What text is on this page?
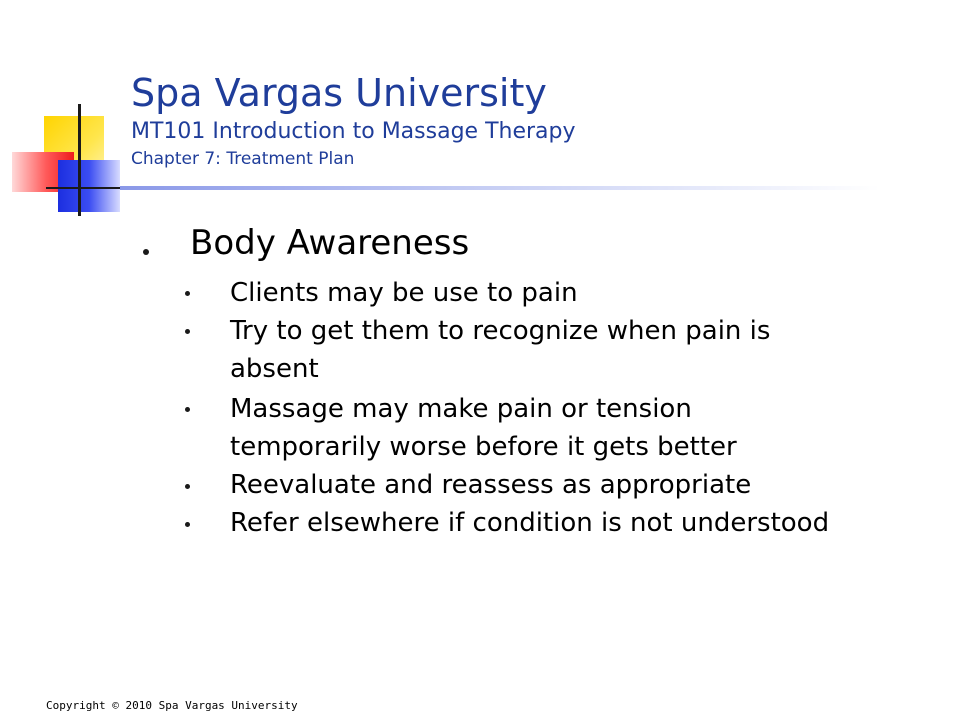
Spa Vargas University
MT101 Introduction to Massage Therapy
Chapter 7: Treatment Plan
Body Awareness
Clients may be use to pain
Try to get them to recognize when pain is absent
Massage may make pain or tension temporarily worse before it gets better
Reevaluate and reassess as appropriate
Refer elsewhere if condition is not understood
Copyright © 2010 Spa Vargas University
